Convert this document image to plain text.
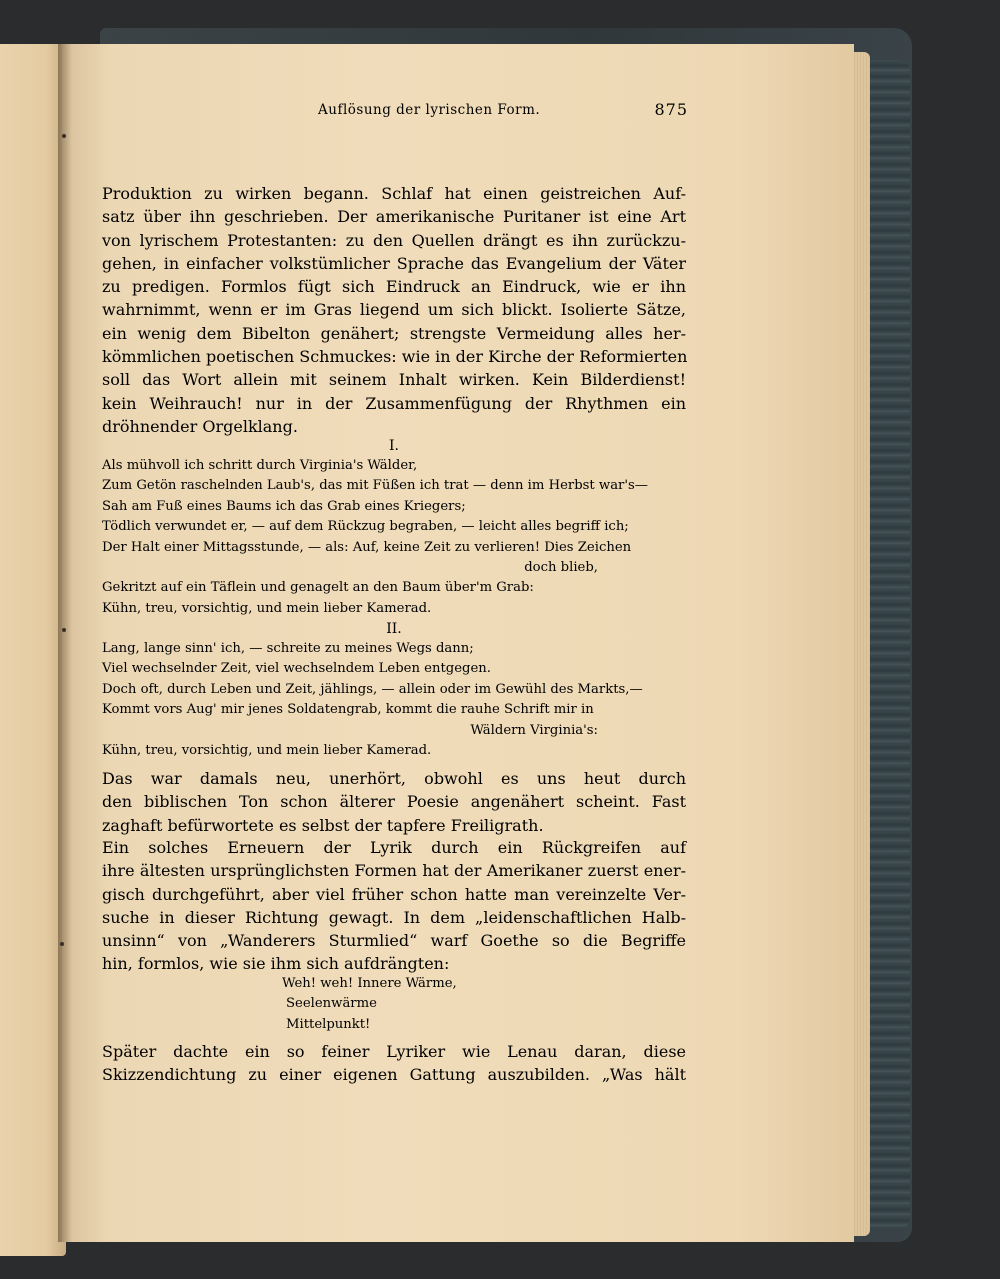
Auflösung der lyrischen Form.	875

Produktion zu wirken begann. Schlaf hat einen geistreichen Auf-
satz über ihn geschrieben. Der amerikanische Puritaner ist eine Art
von lyrischem Protestanten: zu den Quellen drängt es ihn zurückzu-
gehen, in einfacher volkstümlicher Sprache das Evangelium der Väter
zu predigen. Formlos fügt sich Eindruck an Eindruck, wie er ihn
wahrnimmt, wenn er im Gras liegend um sich blickt. Isolierte Sätze,
ein wenig dem Bibelton genähert; strengste Vermeidung alles her-
kömmlichen poetischen Schmuckes: wie in der Kirche der Reformierten
soll das Wort allein mit seinem Inhalt wirken. Kein Bilderdienst!
kein Weihrauch! nur in der Zusammenfügung der Rhythmen ein
dröhnender Orgelklang.

I.

Als mühvoll ich schritt durch Virginia's Wälder,
Zum Getön raschelnden Laub's, das mit Füßen ich trat — denn im Herbst war's—
Sah am Fuß eines Baums ich das Grab eines Kriegers;
Tödlich verwundet er, — auf dem Rückzug begraben, — leicht alles begriff ich;
Der Halt einer Mittagsstunde, — als: Auf, keine Zeit zu verlieren! Dies Zeichen
doch blieb,
Gekritzt auf ein Täflein und genagelt an den Baum über'm Grab:
Kühn, treu, vorsichtig, und mein lieber Kamerad.

II.

Lang, lange sinn' ich, — schreite zu meines Wegs dann;
Viel wechselnder Zeit, viel wechselndem Leben entgegen.
Doch oft, durch Leben und Zeit, jählings, — allein oder im Gewühl des Markts,—
Kommt vors Aug' mir jenes Soldatengrab, kommt die rauhe Schrift mir in
Wäldern Virginia's:
Kühn, treu, vorsichtig, und mein lieber Kamerad.

Das war damals neu, unerhört, obwohl es uns heut durch
den biblischen Ton schon älterer Poesie angenähert scheint. Fast
zaghaft befürwortete es selbst der tapfere Freiligrath.

Ein solches Erneuern der Lyrik durch ein Rückgreifen auf
ihre ältesten ursprünglichsten Formen hat der Amerikaner zuerst ener-
gisch durchgeführt, aber viel früher schon hatte man vereinzelte Ver-
suche in dieser Richtung gewagt. In dem „leidenschaftlichen Halb-
unsinn“ von „Wanderers Sturmlied“ warf Goethe so die Begriffe
hin, formlos, wie sie ihm sich aufdrängten:

Weh! weh! Innere Wärme,
Seelenwärme
Mittelpunkt!

Später dachte ein so feiner Lyriker wie Lenau daran, diese
Skizzendichtung zu einer eigenen Gattung auszubilden. „Was hält
